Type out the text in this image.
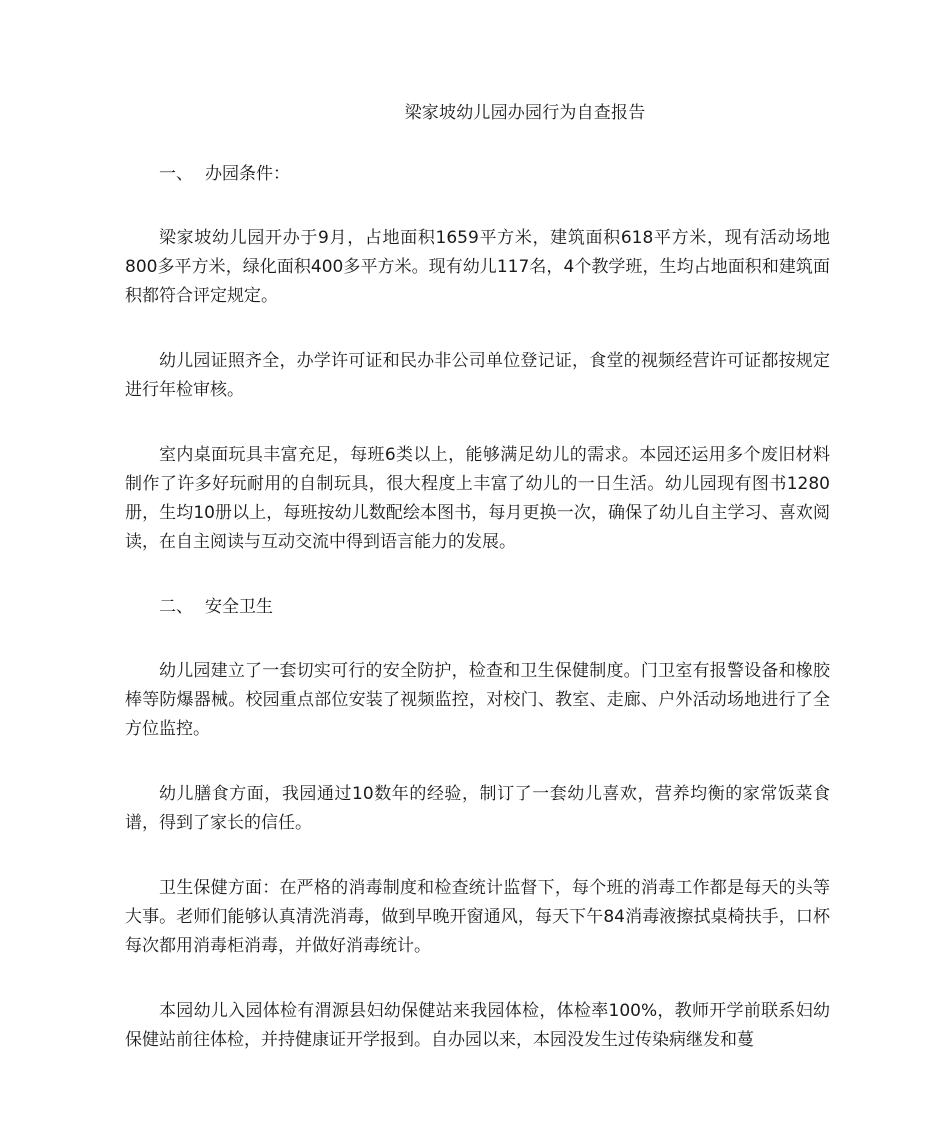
梁家坡幼儿园办园行为自查报告
一、 办园条件：

梁家坡幼儿园开办于9月，占地面积1659平方米，建筑面积618平方米，现有活动场地800多平方米，绿化面积400多平方米。现有幼儿117名，4个教学班，生均占地面积和建筑面积都符合评定规定。

幼儿园证照齐全，办学许可证和民办非公司单位登记证，食堂的视频经营许可证都按规定进行年检审核。

室内桌面玩具丰富充足，每班6类以上，能够满足幼儿的需求。本园还运用多个废旧材料制作了许多好玩耐用的自制玩具，很大程度上丰富了幼儿的一日生活。幼儿园现有图书1280册，生均10册以上，每班按幼儿数配绘本图书，每月更换一次，确保了幼儿自主学习、喜欢阅读，在自主阅读与互动交流中得到语言能力的发展。

二、 安全卫生

幼儿园建立了一套切实可行的安全防护，检查和卫生保健制度。门卫室有报警设备和橡胶棒等防爆器械。校园重点部位安装了视频监控，对校门、教室、走廊、户外活动场地进行了全方位监控。

幼儿膳食方面，我园通过10数年的经验，制订了一套幼儿喜欢，营养均衡的家常饭菜食谱，得到了家长的信任。

卫生保健方面：在严格的消毒制度和检查统计监督下，每个班的消毒工作都是每天的头等大事。老师们能够认真清洗消毒，做到早晚开窗通风，每天下午84消毒液擦拭桌椅扶手，口杯每次都用消毒柜消毒，并做好消毒统计。

本园幼儿入园体检有渭源县妇幼保健站来我园体检，体检率100%，教师开学前联系妇幼保健站前往体检，并持健康证开学报到。自办园以来，本园没发生过传染病继发和蔓
